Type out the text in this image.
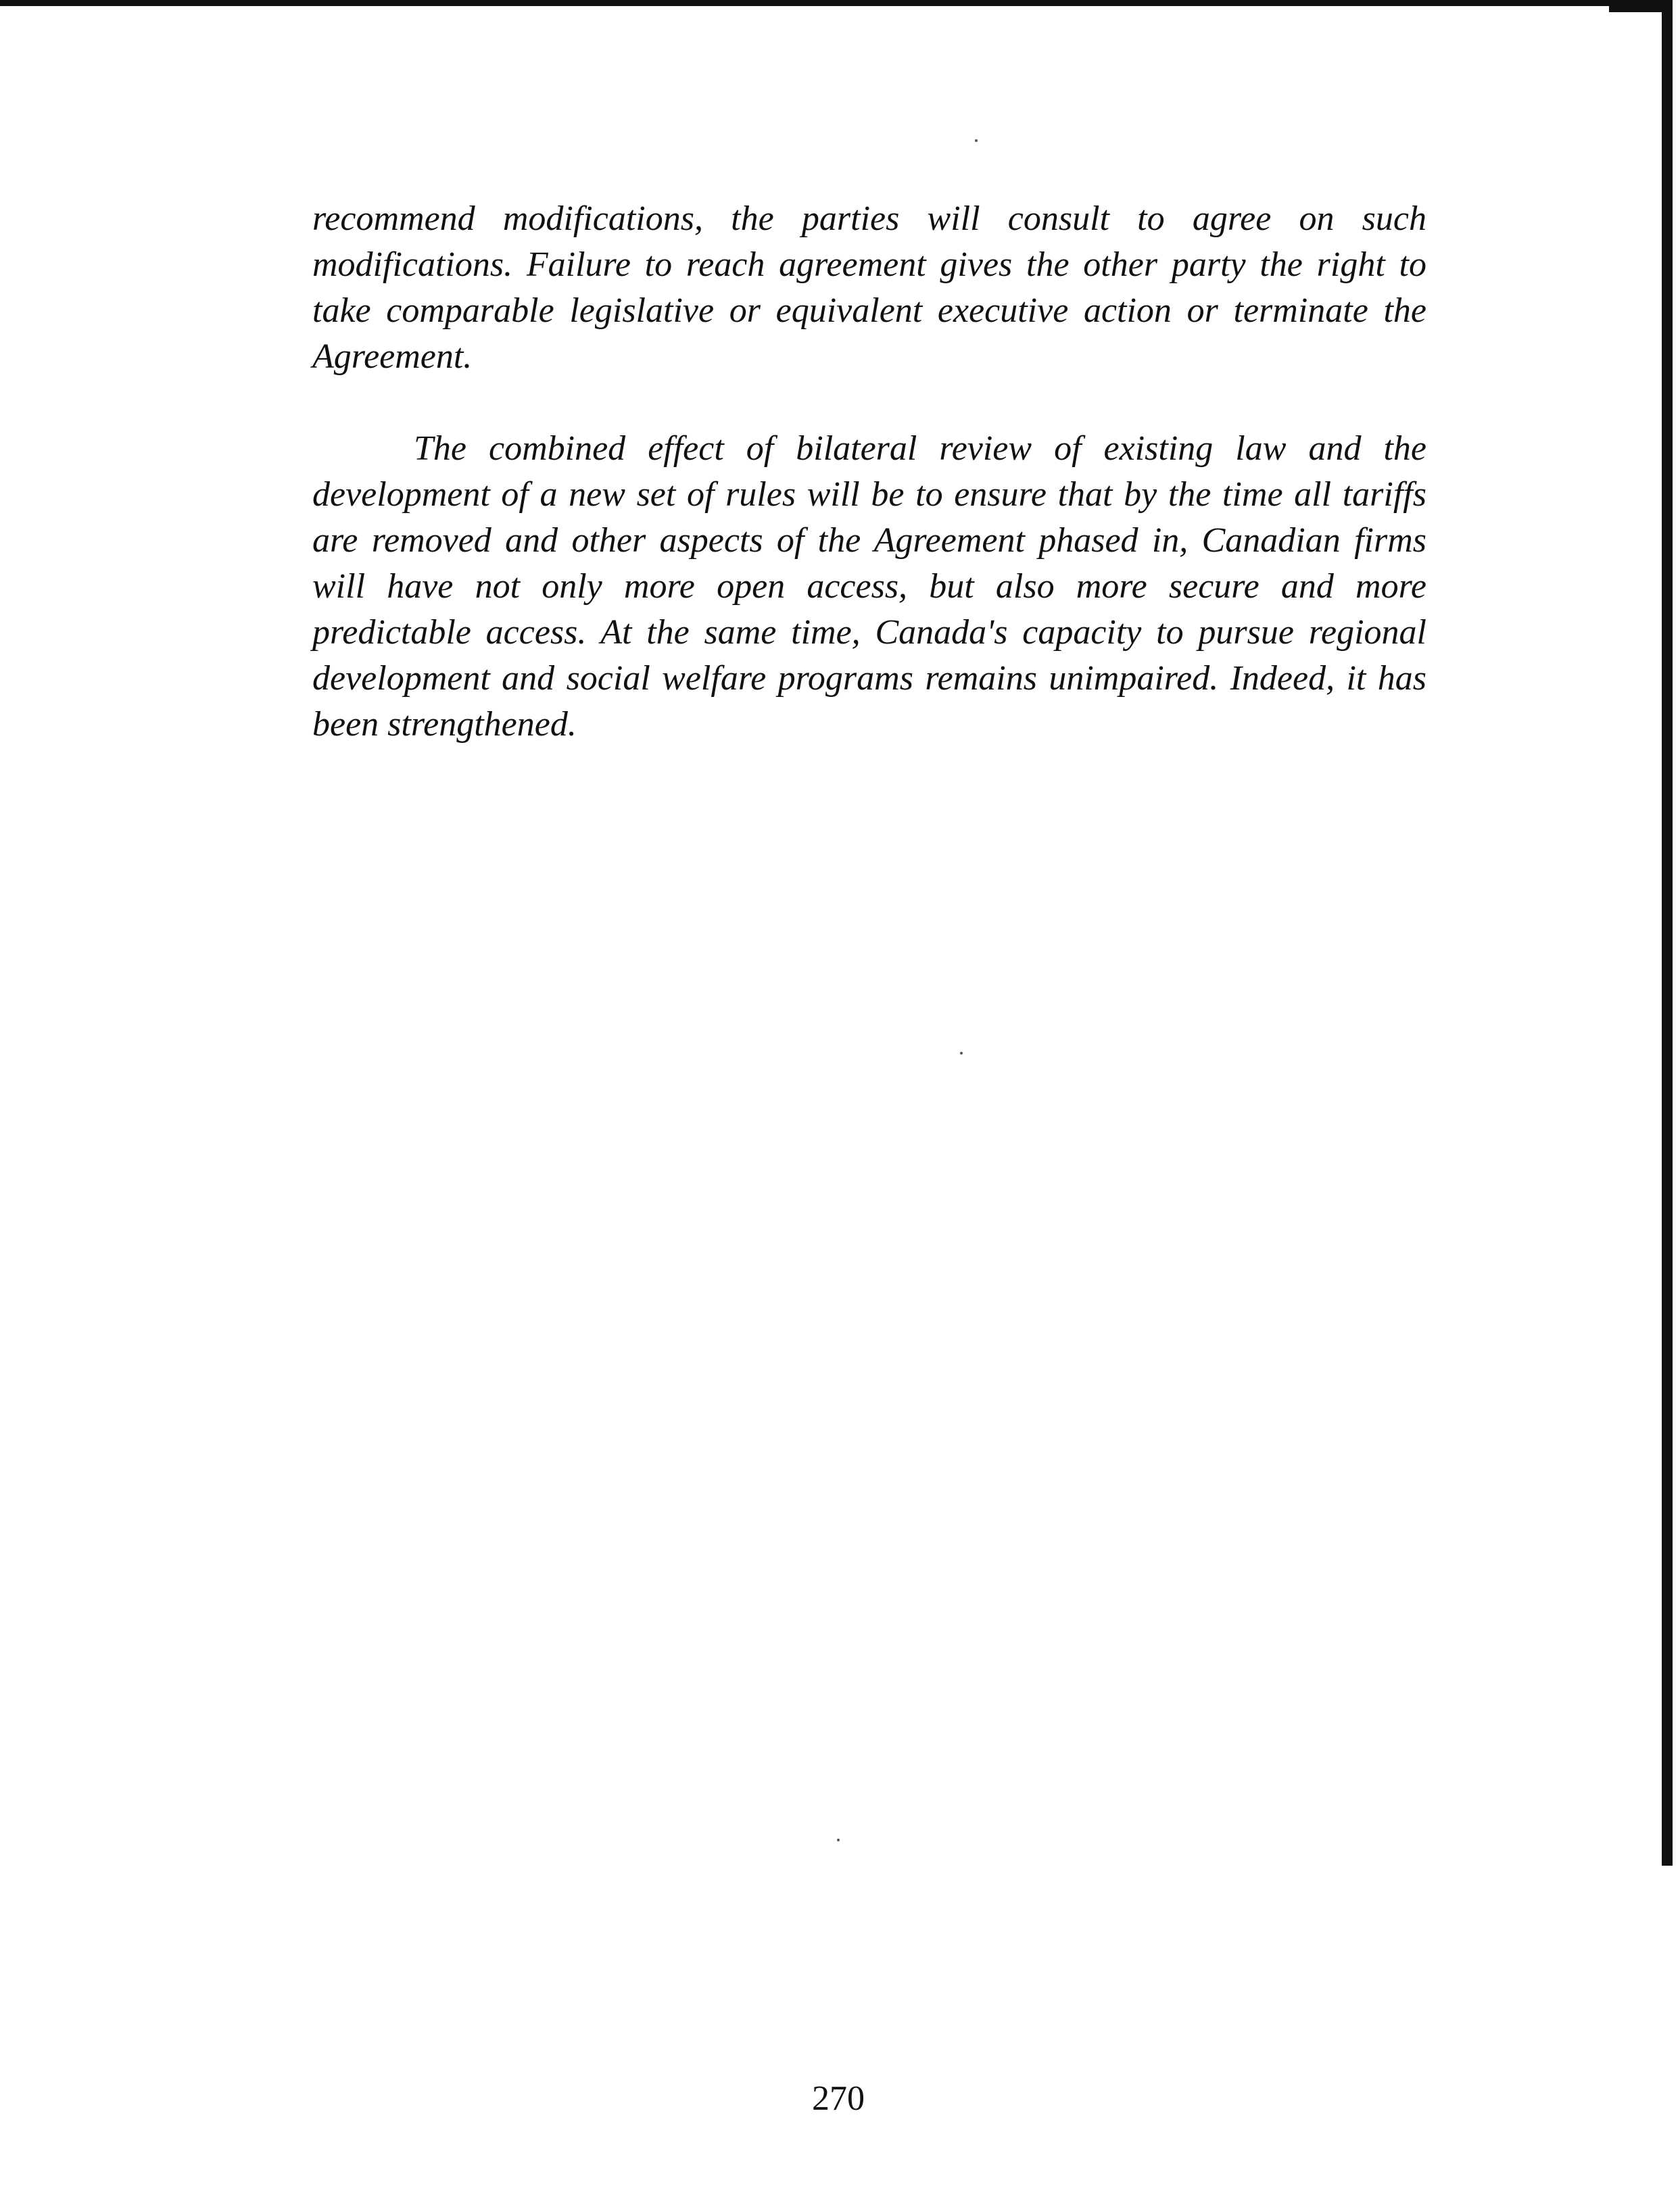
recommend modifications, the parties will consult to agree on such modifications. Failure to reach agreement gives the other party the right to take comparable legislative or equivalent executive action or terminate the Agreement.

The combined effect of bilateral review of existing law and the development of a new set of rules will be to ensure that by the time all tariffs are removed and other aspects of the Agreement phased in, Canadian firms will have not only more open access, but also more secure and more predictable access. At the same time, Canada's capacity to pursue regional development and social welfare programs remains unimpaired. Indeed, it has been strengthened.

270
